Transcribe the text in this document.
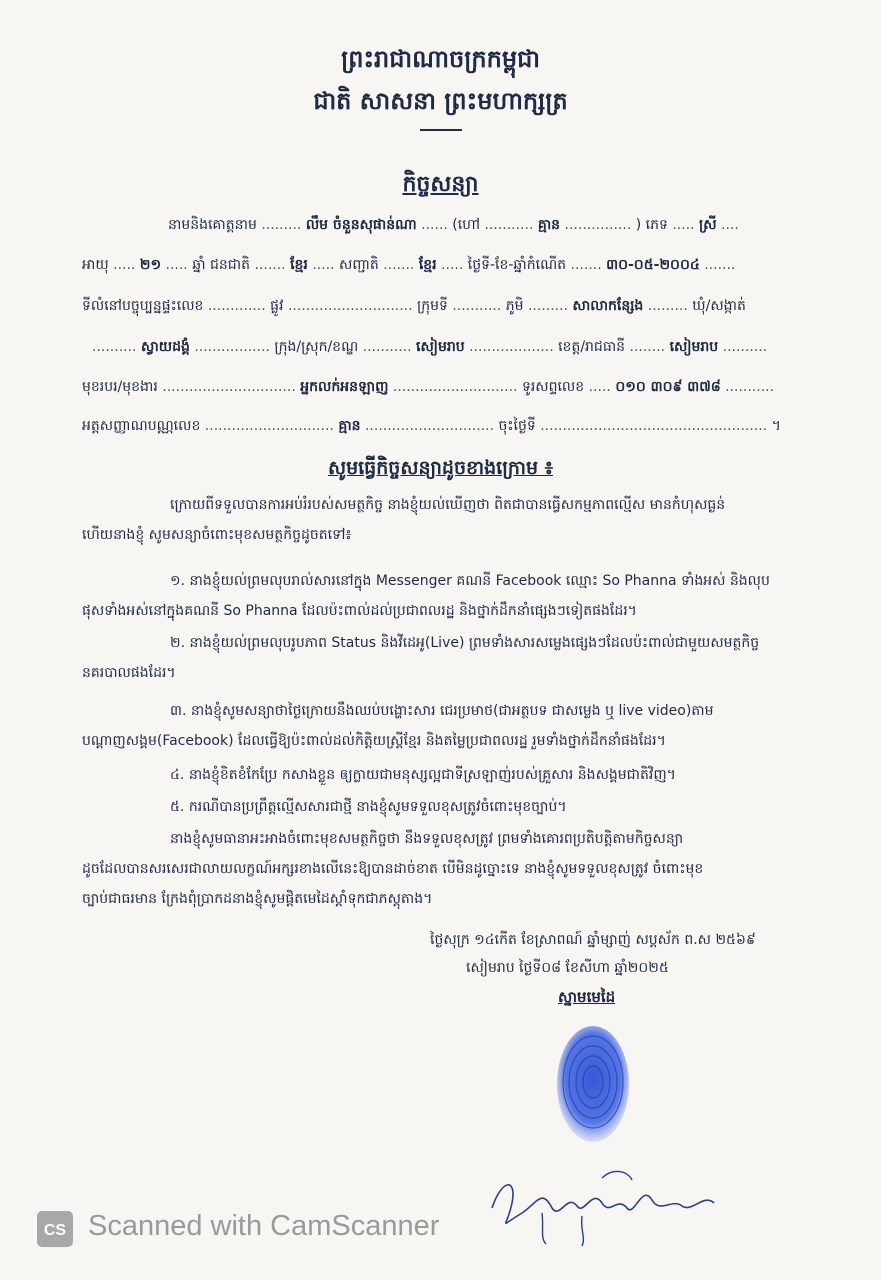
ព្រះរាជាណាចក្រកម្ពុជា
ជាតិ សាសនា ព្រះមហាក្សត្រ
កិច្ចសន្យា
នាមនិងគោត្តនាម ......... លឹម ចំនួនសុផាន់ណា ...... (ហៅ ........... គ្មាន ............... ) ភេទ ..... ស្រី ....
អាយុ ..... ២១ ..... ឆ្នាំ ជនជាតិ ....... ខ្មែរ ..... សញ្ជាតិ ....... ខ្មែរ ..... ថ្ងៃទី-ខែ-ឆ្នាំកំណើត ....... ៣០-០៥-២០០៤ .......
ទីលំនៅបច្ចុប្បន្នផ្ទះលេខ ............. ផ្លូវ ............................ ក្រុមទី ........... ភូមិ ......... សាលាកន្សែង ......... ឃុំ/សង្កាត់
.......... ស្វាយដង្គំ ................. ក្រុង/ស្រុក/ខណ្ឌ ........... សៀមរាប ................... ខេត្ត/រាជធានី ........ សៀមរាប ..........
មុខរបរ/មុខងារ .............................. អ្នកលក់អនឡាញ ............................ ទូរសព្ទលេខ ..... ០១០ ៣០៩ ៣៧៨ ...........
អត្តសញ្ញាណបណ្ណលេខ ............................. គ្មាន ............................. ចុះថ្ងៃទី ................................................... ។
សូមធ្វើកិច្ចសន្យាដូចខាងក្រោម ៖
ក្រោយពីទទួលបានការអប់រំរបស់សមត្ថកិច្ច នាងខ្ញុំយល់ឃើញថា ពិតជាបានធ្វើសកម្មភាពល្មើស មានកំហុសធ្ងន់
ហើយនាងខ្ញុំ សូមសន្យាចំពោះមុខសមត្ថកិច្ចដូចតទៅ៖
១. នាងខ្ញុំយល់ព្រមលុបរាល់សារនៅក្នុង Messenger គណនី Facebook ឈ្មោះ So Phanna ទាំងអស់ និងលុប
ផុសទាំងអស់នៅក្នុងគណនី So Phanna ដែលប៉ះពាល់ដល់ប្រជាពលរដ្ឋ និងថ្នាក់ដឹកនាំផ្សេងៗទៀតផងដែរ។
២. នាងខ្ញុំយល់ព្រមលុបរូបភាព Status និងវីដេអូ(Live) ព្រមទាំងសារសម្លេងផ្សេងៗដែលប៉ះពាល់ជាមួយសមត្ថកិច្ច
នគរបាលផងដែរ។
៣. នាងខ្ញុំសូមសន្យាថាថ្ងៃក្រោយនឹងឈប់បង្ហោះសារ ជេរប្រមាថ(ជាអត្ថបទ ជាសម្លេង ឬ live video)តាម
បណ្តាញសង្គម(Facebook) ដែលធ្វើឱ្យប៉ះពាល់ដល់កិត្តិយស្ត្រីខ្មែរ និងតម្លៃប្រជាពលរដ្ឋ រួមទាំងថ្នាក់ដឹកនាំផងដែរ។
៤. នាងខ្ញុំខិតខំកែប្រែ កសាងខ្លួន ឲ្យក្លាយជាមនុស្សល្អជាទីស្រឡាញ់របស់គ្រួសារ និងសង្គមជាតិវិញ។
៥. ករណីបានប្រព្រឹត្តល្មើសសារជាថ្មី នាងខ្ញុំសូមទទួលខុសត្រូវចំពោះមុខច្បាប់។
នាងខ្ញុំសូមធានាអះអាងចំពោះមុខសមត្ថកិច្ចថា នឹងទទួលខុសត្រូវ ព្រមទាំងគោរពប្រតិបត្តិតាមកិច្ចសន្យា
ដូចដែលបានសរសេរជាលាយលក្ខណ៍អក្សរខាងលើនេះឱ្យបានដាច់ខាត បើមិនដូច្នោះទេ នាងខ្ញុំសូមទទួលខុសត្រូវ ចំពោះមុខ
ច្បាប់ជាធរមាន ក្រែងពុំប្រាកដនាងខ្ញុំសូមផ្តិតមេដៃស្តាំទុកជាភស្តុតាង។
ថ្ងៃសុក្រ ១៤កើត ខែស្រាពណ៍ ឆ្នាំម្សាញ់ សប្តស័ក ព.ស ២៥៦៩
សៀមរាប ថ្ងៃទី០៨ ខែសីហា ឆ្នាំ២០២៥
ស្នាមមេដៃ
CS Scanned with CamScanner
